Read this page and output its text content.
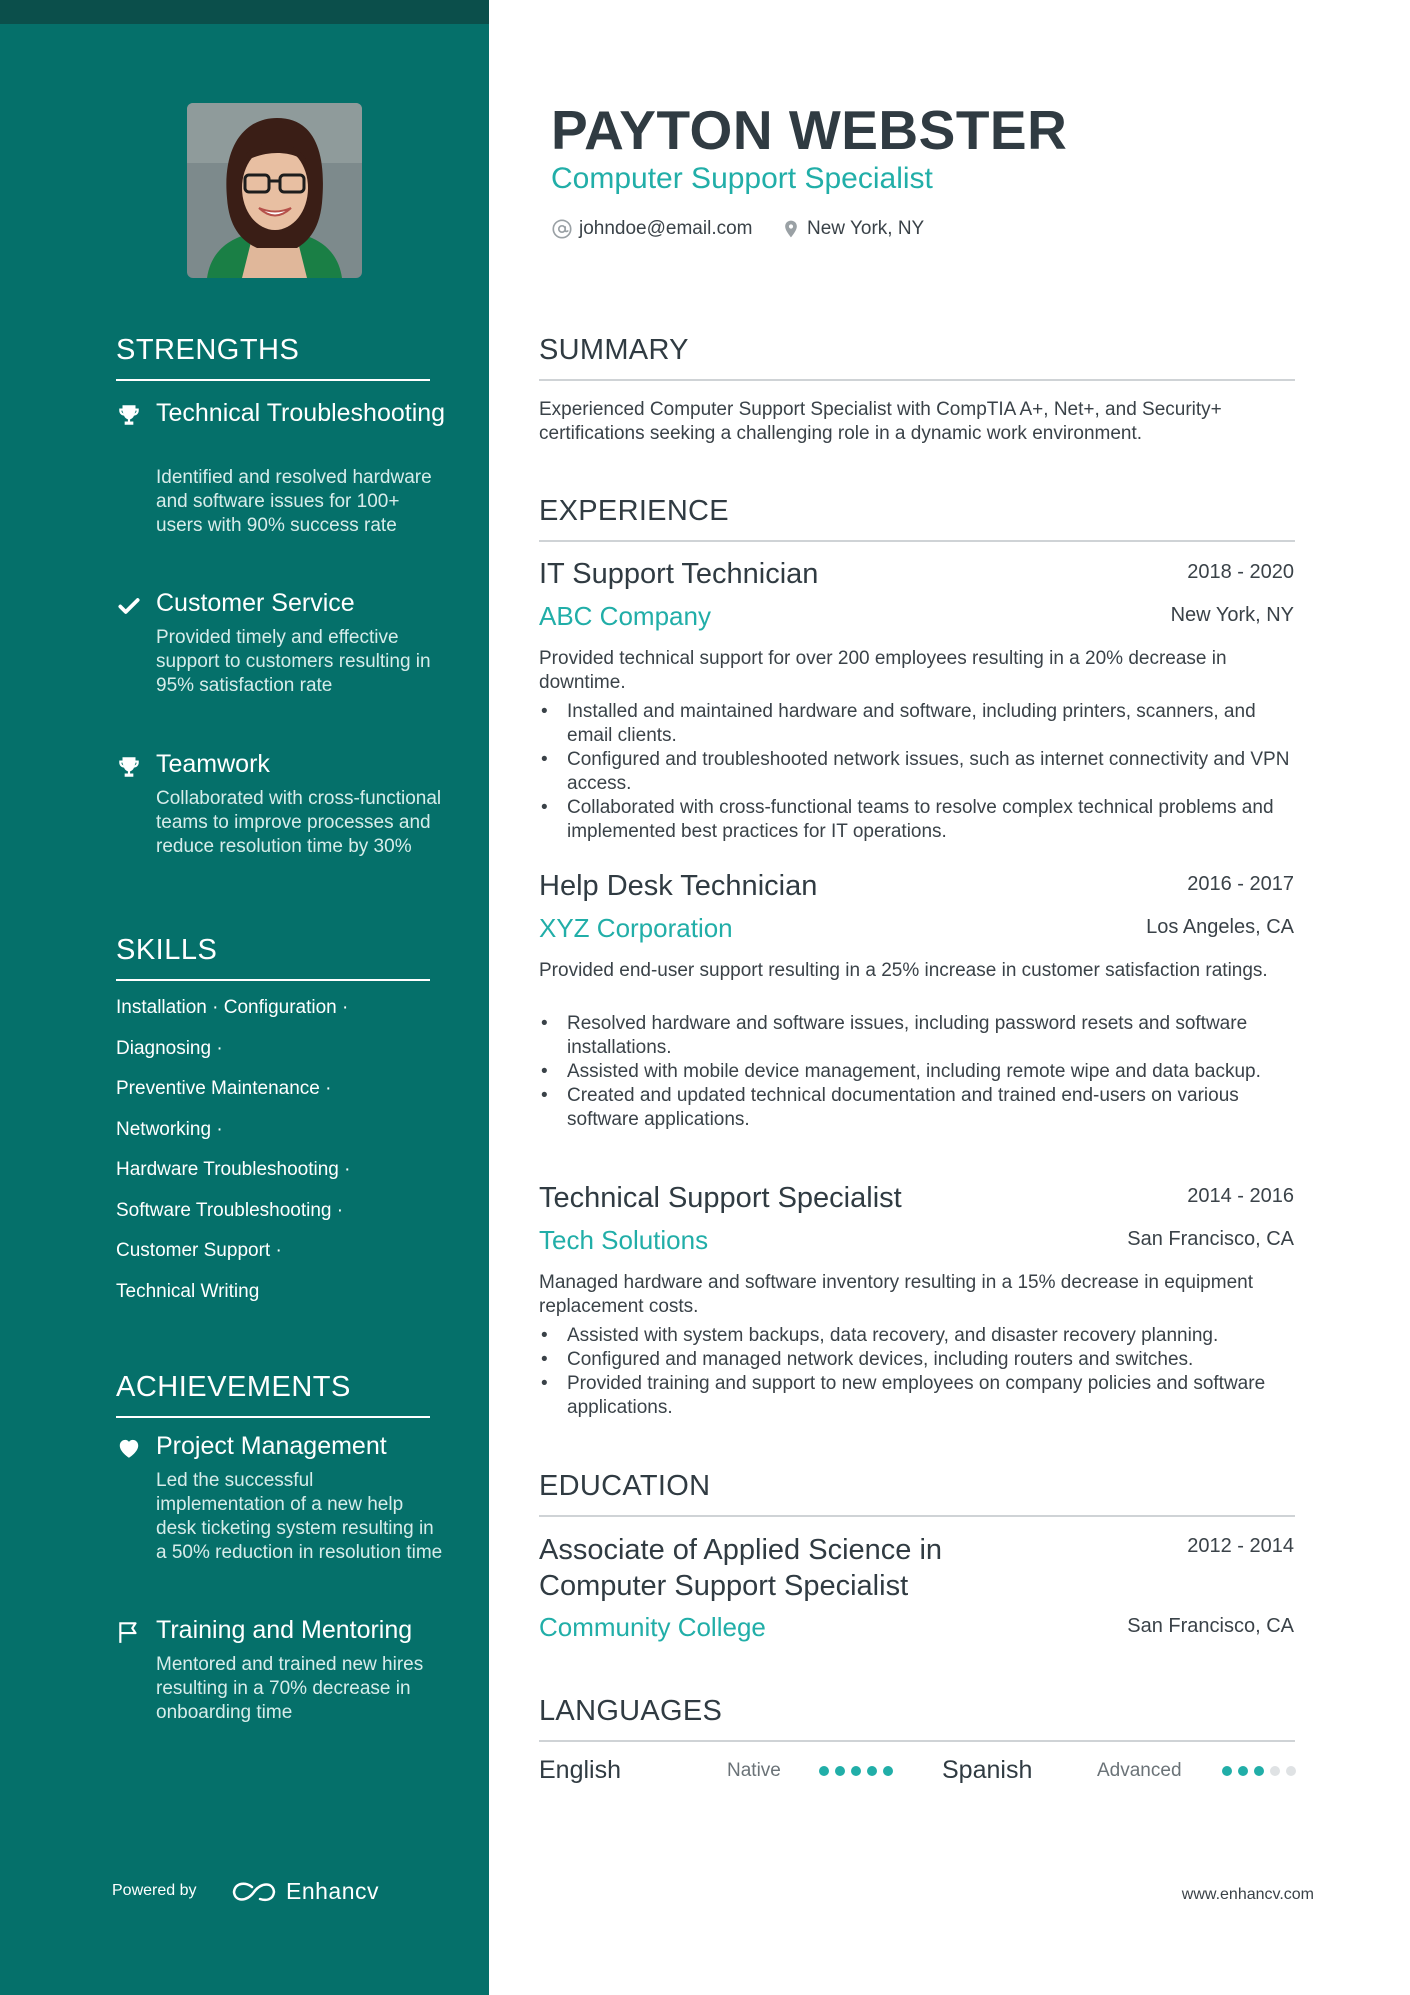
STRENGTHS
Technical Troubleshooting
Identified and resolved hardware and software issues for 100+ users with 90% success rate
Customer Service
Provided timely and effective support to customers resulting in 95% satisfaction rate
Teamwork
Collaborated with cross-functional teams to improve processes and reduce resolution time by 30%
SKILLS
Installation · Configuration ·
Diagnosing ·
Preventive Maintenance ·
Networking ·
Hardware Troubleshooting ·
Software Troubleshooting ·
Customer Support ·
Technical Writing
ACHIEVEMENTS
Project Management
Led the successful implementation of a new help desk ticketing system resulting in a 50% reduction in resolution time
Training and Mentoring
Mentored and trained new hires resulting in a 70% decrease in onboarding time
Powered by	Enhancv
PAYTON WEBSTER
Computer Support Specialist
johndoe@email.com	New York, NY
SUMMARY
Experienced Computer Support Specialist with CompTIA A+, Net+, and Security+ certifications seeking a challenging role in a dynamic work environment.
EXPERIENCE
IT Support Technician	2018 - 2020
ABC Company	New York, NY
Provided technical support for over 200 employees resulting in a 20% decrease in downtime.
• Installed and maintained hardware and software, including printers, scanners, and email clients.
• Configured and troubleshooted network issues, such as internet connectivity and VPN access.
• Collaborated with cross-functional teams to resolve complex technical problems and implemented best practices for IT operations.
Help Desk Technician	2016 - 2017
XYZ Corporation	Los Angeles, CA
Provided end-user support resulting in a 25% increase in customer satisfaction ratings.
• Resolved hardware and software issues, including password resets and software installations.
• Assisted with mobile device management, including remote wipe and data backup.
• Created and updated technical documentation and trained end-users on various software applications.
Technical Support Specialist	2014 - 2016
Tech Solutions	San Francisco, CA
Managed hardware and software inventory resulting in a 15% decrease in equipment replacement costs.
• Assisted with system backups, data recovery, and disaster recovery planning.
• Configured and managed network devices, including routers and switches.
• Provided training and support to new employees on company policies and software applications.
EDUCATION
Associate of Applied Science in Computer Support Specialist
2012 - 2014
Community College	San Francisco, CA
LANGUAGES
English	Native	Spanish	Advanced
www.enhancv.com
